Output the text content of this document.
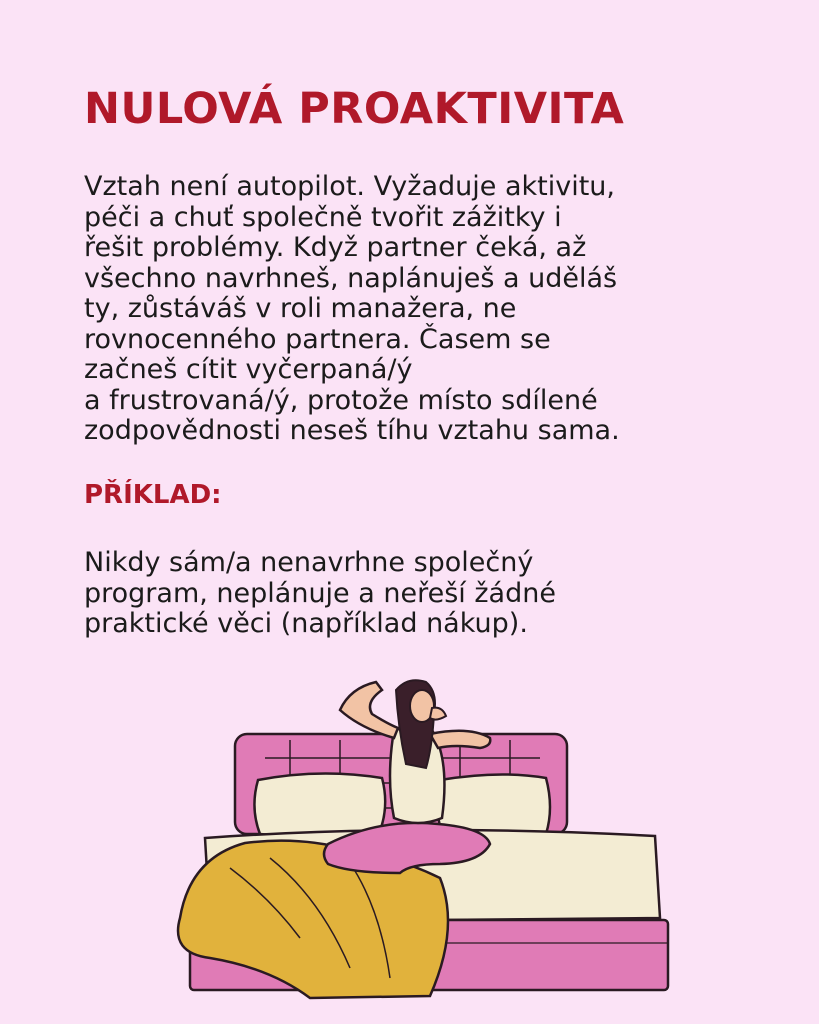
NULOVÁ PROAKTIVITA

Vztah není autopilot. Vyžaduje aktivitu,
péči a chuť společně tvořit zážitky i
řešit problémy. Když partner čeká, až
všechno navrhneš, naplánuješ a uděláš
ty, zůstáváš v roli manažera, ne
rovnocenného partnera. Časem se
začneš cítit vyčerpaná/ý
a frustrovaná/ý, protože místo sdílené
zodpovědnosti neseš tíhu vztahu sama.

PŘÍKLAD:

Nikdy sám/a nenavrhne společný
program, neplánuje a neřeší žádné
praktické věci (například nákup).
